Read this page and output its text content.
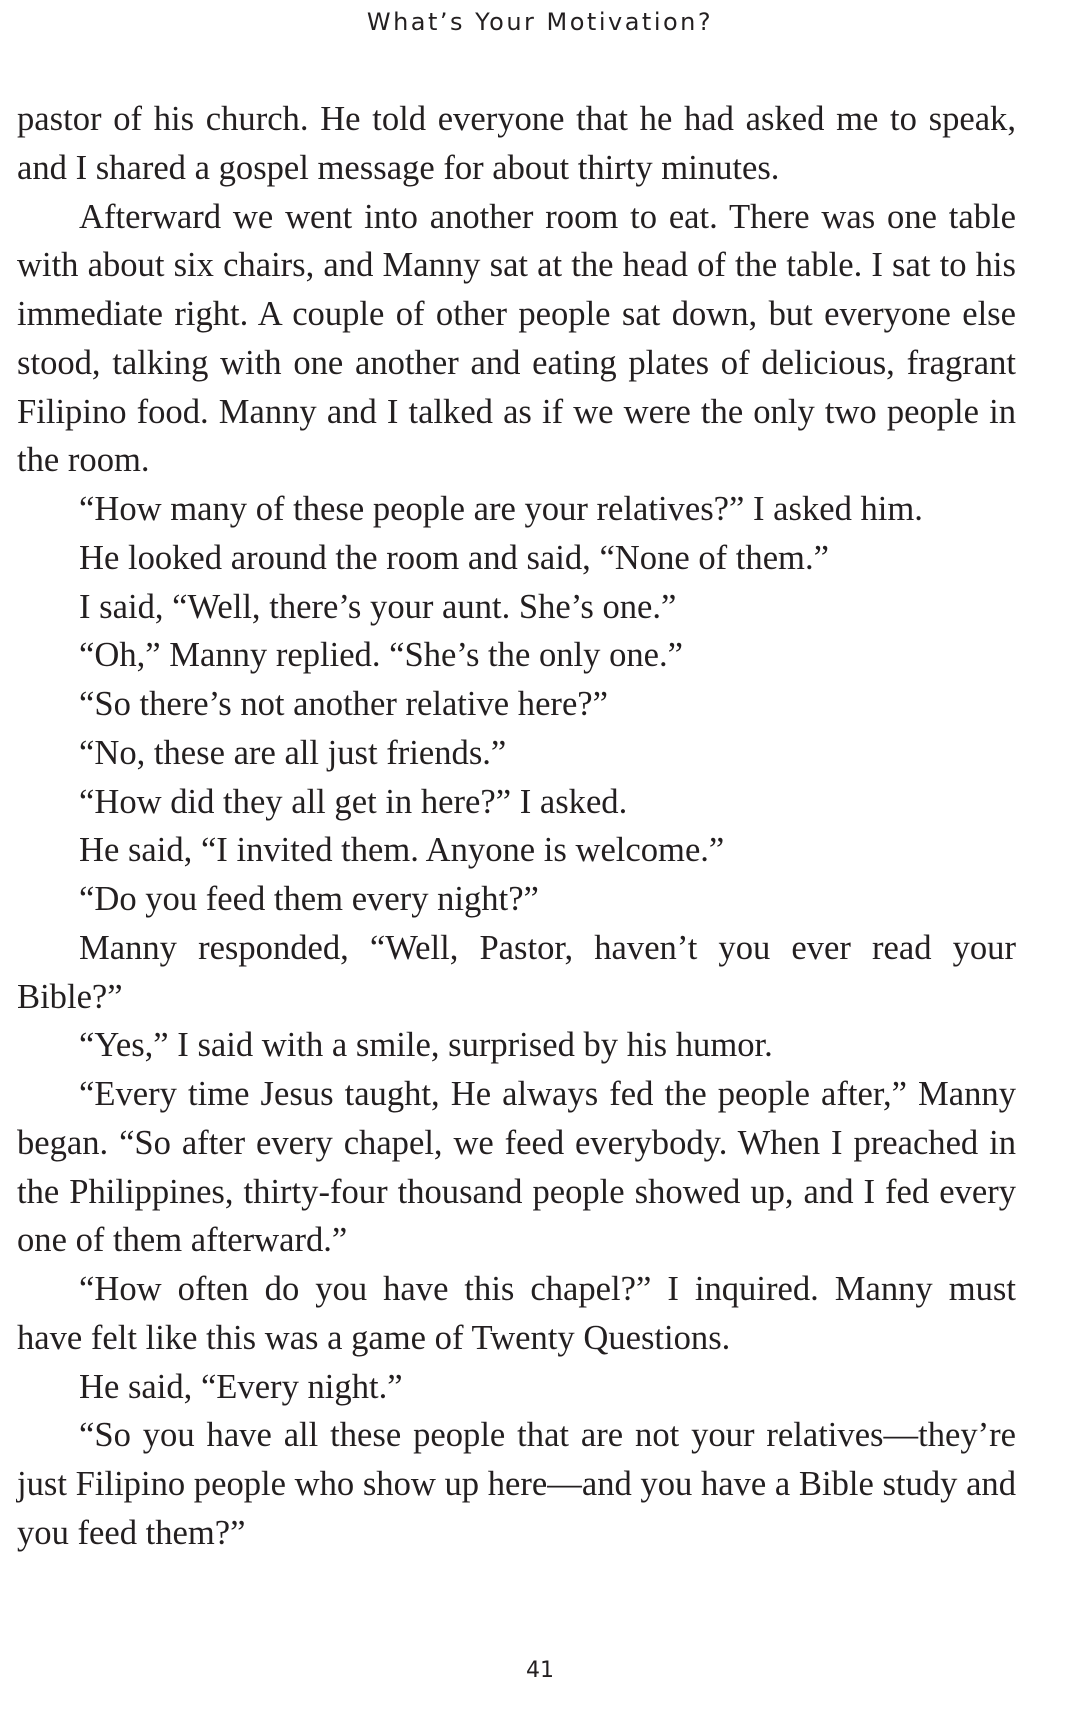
What’s Your Motivation?

pastor of his church. He told everyone that he had asked me to speak, and I shared a gospel message for about thirty minutes.

Afterward we went into another room to eat. There was one table with about six chairs, and Manny sat at the head of the table. I sat to his immediate right. A couple of other people sat down, but everyone else stood, talking with one another and eating plates of delicious, fragrant Filipino food. Manny and I talked as if we were the only two people in the room.

“How many of these people are your relatives?” I asked him.

He looked around the room and said, “None of them.”

I said, “Well, there’s your aunt. She’s one.”

“Oh,” Manny replied. “She’s the only one.”

“So there’s not another relative here?”

“No, these are all just friends.”

“How did they all get in here?” I asked.

He said, “I invited them. Anyone is welcome.”

“Do you feed them every night?”

Manny responded, “Well, Pastor, haven’t you ever read your Bible?”

“Yes,” I said with a smile, surprised by his humor.

“Every time Jesus taught, He always fed the people after,” Manny began. “So after every chapel, we feed everybody. When I preached in the Philippines, thirty-four thousand people showed up, and I fed every one of them afterward.”

“How often do you have this chapel?” I inquired. Manny must have felt like this was a game of Twenty Questions.

He said, “Every night.”

“So you have all these people that are not your relatives—they’re just Filipino people who show up here—and you have a Bible study and you feed them?”

41
